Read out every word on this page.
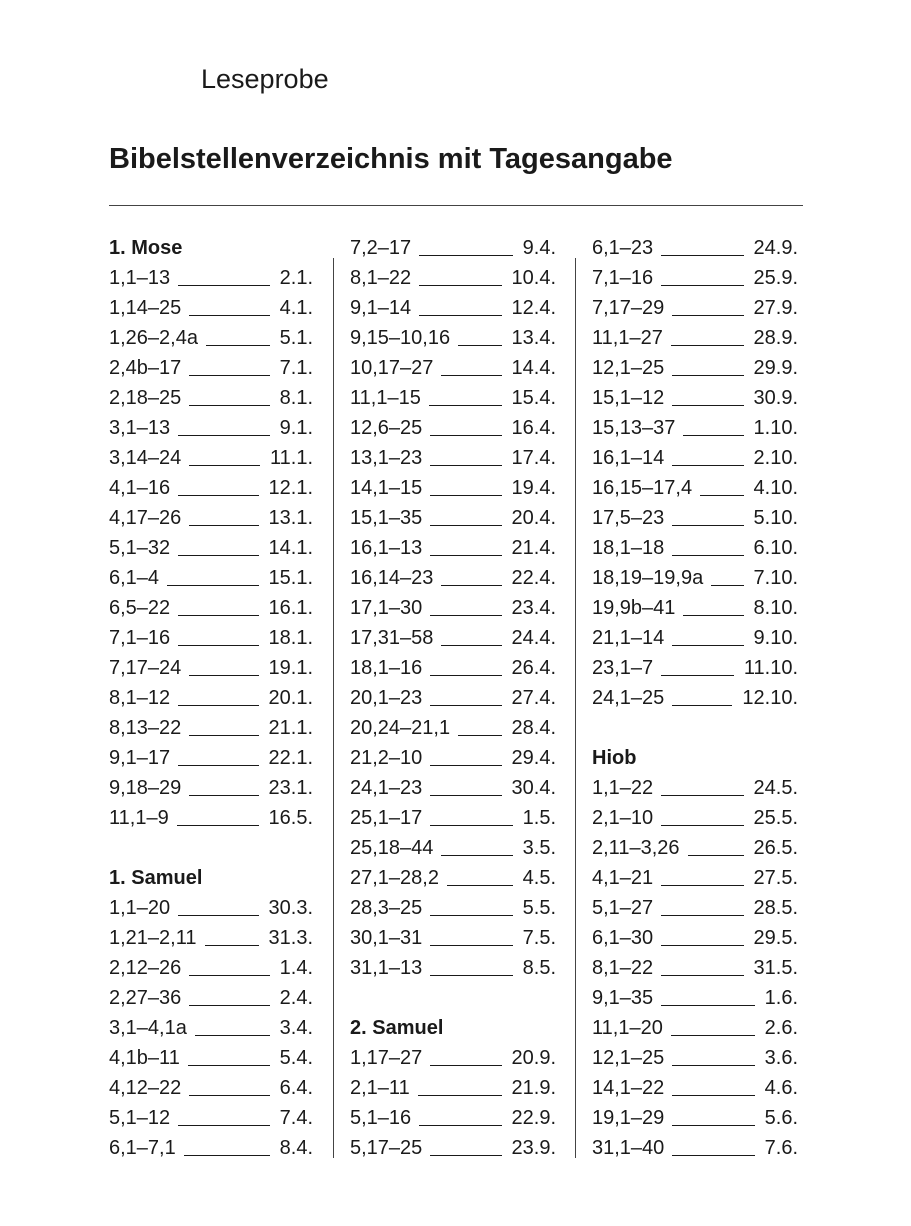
Leseprobe
Bibelstellenverzeichnis mit Tagesangabe
1. Mose
1,1–13	2.1.
1,14–25	4.1.
1,26–2,4a	5.1.
2,4b–17	7.1.
2,18–25	8.1.
3,1–13	9.1.
3,14–24	11.1.
4,1–16	12.1.
4,17–26	13.1.
5,1–32	14.1.
6,1–4	15.1.
6,5–22	16.1.
7,1–16	18.1.
7,17–24	19.1.
8,1–12	20.1.
8,13–22	21.1.
9,1–17	22.1.
9,18–29	23.1.
11,1–9	16.5.
1. Samuel
1,1–20	30.3.
1,21–2,11	31.3.
2,12–26	1.4.
2,27–36	2.4.
3,1–4,1a	3.4.
4,1b–11	5.4.
4,12–22	6.4.
5,1–12	7.4.
6,1–7,1	8.4.
7,2–17	9.4.
8,1–22	10.4.
9,1–14	12.4.
9,15–10,16	13.4.
10,17–27	14.4.
11,1–15	15.4.
12,6–25	16.4.
13,1–23	17.4.
14,1–15	19.4.
15,1–35	20.4.
16,1–13	21.4.
16,14–23	22.4.
17,1–30	23.4.
17,31–58	24.4.
18,1–16	26.4.
20,1–23	27.4.
20,24–21,1	28.4.
21,2–10	29.4.
24,1–23	30.4.
25,1–17	1.5.
25,18–44	3.5.
27,1–28,2	4.5.
28,3–25	5.5.
30,1–31	7.5.
31,1–13	8.5.
2. Samuel
1,17–27	20.9.
2,1–11	21.9.
5,1–16	22.9.
5,17–25	23.9.
6,1–23	24.9.
7,1–16	25.9.
7,17–29	27.9.
11,1–27	28.9.
12,1–25	29.9.
15,1–12	30.9.
15,13–37	1.10.
16,1–14	2.10.
16,15–17,4	4.10.
17,5–23	5.10.
18,1–18	6.10.
18,19–19,9a	7.10.
19,9b–41	8.10.
21,1–14	9.10.
23,1–7	11.10.
24,1–25	12.10.
Hiob
1,1–22	24.5.
2,1–10	25.5.
2,11–3,26	26.5.
4,1–21	27.5.
5,1–27	28.5.
6,1–30	29.5.
8,1–22	31.5.
9,1–35	1.6.
11,1–20	2.6.
12,1–25	3.6.
14,1–22	4.6.
19,1–29	5.6.
31,1–40	7.6.
